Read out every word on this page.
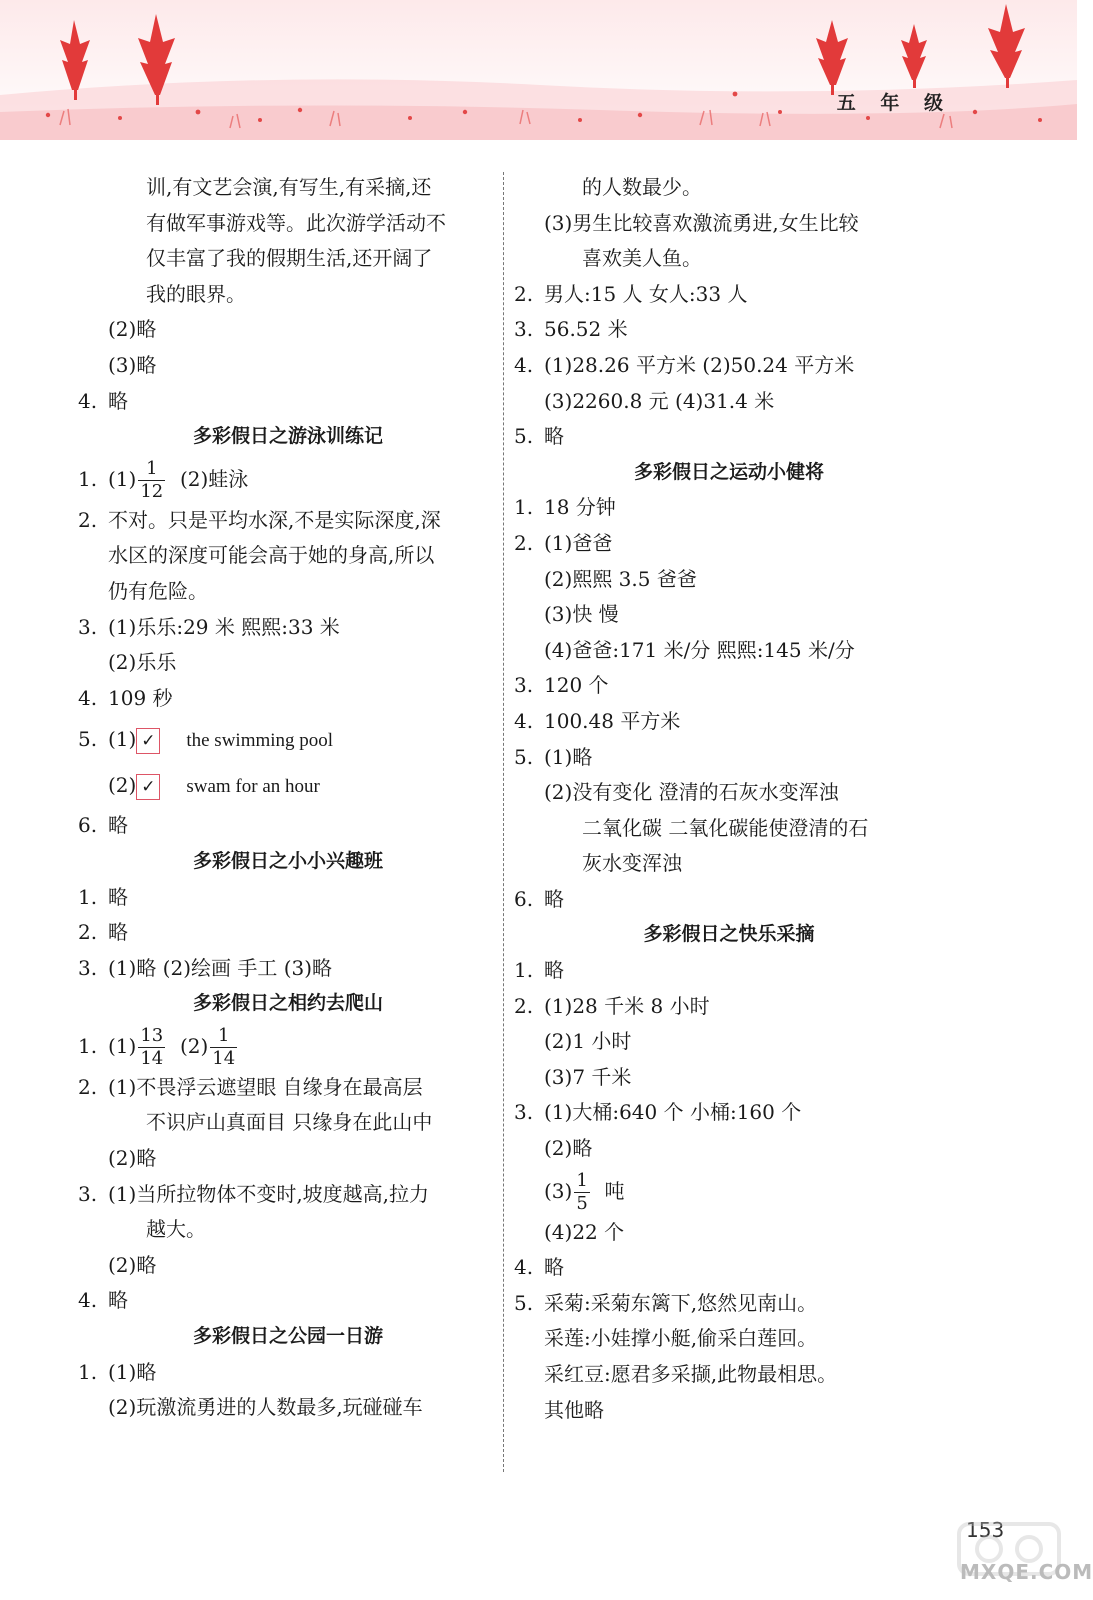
五 年 级
训,有文艺会演,有写生,有采摘,还
有做军事游戏等。此次游学活动不
仅丰富了我的假期生活,还开阔了
我的眼界。
(2)略
(3)略
4. 略
多彩假日之游泳训练记
1. $(1) \frac{1}{12} (2)$蛙泳
2. 不对。只是平均水深,不是实际深度,深
水区的深度可能会高于她的身高,所以
仍有危险。
3. (1)乐乐:29 米 熙熙:33 米
(2)乐乐
4. 109 秒
5. (1) ✓ the swimming pool
(2) ✓ swam for an hour
6. 略
多彩假日之小小兴趣班
1. 略
2. 略
3. (1)略 (2)绘画 手工 (3)略
多彩假日之相约去爬山
1. $(1) \frac{13}{14} (2) \frac{1}{14}$
2. (1)不畏浮云遮望眼 自缘身在最高层
不识庐山真面目 只缘身在此山中
(2)略
3. (1)当所拉物体不变时,坡度越高,拉力
越大。
(2)略
4. 略
多彩假日之公园一日游
1. (1)略
(2)玩激流勇进的人数最多,玩碰碰车
的人数最少。
(3)男生比较喜欢激流勇进,女生比较
喜欢美人鱼。
2. 男人:15 人 女人:33 人
3. 56.52 米
4. (1)28.26 平方米 (2)50.24 平方米
(3)2260.8 元 (4)31.4 米
5. 略
多彩假日之运动小健将
1. 18 分钟
2. (1)爸爸
(2)熙熙 3.5 爸爸
(3)快 慢
(4)爸爸:171 米/分 熙熙:145 米/分
3. 120 个
4. 100.48 平方米
5. (1)略
(2)没有变化 澄清的石灰水变浑浊
二氧化碳 二氧化碳能使澄清的石
灰水变浑浊
6. 略
多彩假日之快乐采摘
1. 略
2. (1)28 千米 8 小时
(2)1 小时
(3)7 千米
3. (1)大桶:640 个 小桶:160 个
(2)略
$(3) \frac{1}{5}$ 吨
(4)22 个
4. 略
5. 采菊:采菊东篱下,悠然见南山。
采莲:小娃撑小艇,偷采白莲回。
采红豆:愿君多采撷,此物最相思。
其他略
153
MXQE.COM
